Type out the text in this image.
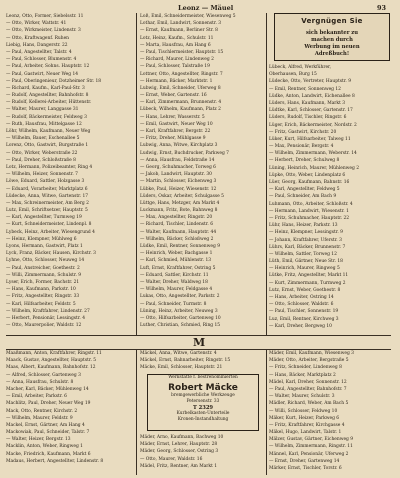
Leonz — Mäuel	93
Leonz, Otto, Former, Siebelsstr. 11
— Otto, Wirker, Wattstr. 41
— Otto, Wirkmeister, Lindenstr. 3
— Otto, Kraftwagenf. Ruhen
Liebig, Hans, Dangerstr. 22
— Paul, Angestellter, Talstr. 4
— Paul, Schlosser, Blumenstr. 4
— Paul, Arbeiter, Sohns. Hauptstr. 12
— Paul, Gastwirt, Neuer Weg 14
— Paul, Oberingenieur, Dotzheimer Str. 18
— Richard, Kaufm., Karl-Paul-Str. 3
— Rudolf, Angestellter, Bahnhofstr. 8
— Rudolf, Kellerei-Arbeiter, Hüttenstr.
— Walter, Maurer, Langgasse 31
— Rudolf, Bäckermeister, Feldweg 3
— Ruth, Hausfrau, Mittelgasse 12
Löhr, Wilhelm, Kaufmann, Neuer Weg
— Wilhelm, Bauer, Eschenallee 5
Lorenz, Otto, Gastwirt, Burgstraße 1
— Otto, Wirker, Weberstraße 22
— Paul, Dreher, Schloßstraße 8
Lotz, Hermann, Polizeibeamter, Ring 4
— Wilhelm, Heizer, Sonnenstr. 7
Löwe, Eduard, Sattler, Holzgasse 3
— Eduard, Vorarbeiter, Marktplatz 6
Lüdecke, Anna, Witwe, Gartenstr. 17
— Max, Schreinermeister, Am Berg 2
Lutz, Emil, Schriftsetzer, Hauptstr. 5
— Karl, Angestellter, Turmweg 19
— Kurt, Schneidermeister, Lindenpl. 8
Lybeck, Heinz, Arbeiter, Wiesengrund 4
— Heinz, Klempner, Mühlweg 6
Lyons, Hermann, Gastwirt, Platz 1
Lyck, Franz, Bäcker, Hausen, Kirchstr. 3
Lyhne, Otto, Schlosser, Neuweg 14
— Paul, Anstreicher, Goethestr. 2
— Willi, Zimmermann, Schulstr. 9
Lyser, Erich, Former, Bachstr. 21
— Hans, Kaufmann, Parkstr. 10
— Fritz, Angestellter, Ringstr. 33
— Karl, Hilfsarbeiter, Feldstr. 5
— Wilhelm, Kraftfahrer, Lindenstr. 27
— Herbert, Pensionär, Lessingstr. 4
— Otto, Maurerpolier, Waldstr. 12
Loß, Emil, Schneidermeister, Wiesenweg 5
Lothar, Emil, Landwirt, Sonnenstr. 3
— Ernst, Kaufmann, Berliner Str. 8
Lotz, Heinz, Kaufm., Schulstr. 11
— Marta, Hausfrau, Am Hang 6
— Paul, Tischlermeister, Hauptstr. 15
— Richard, Maurer, Lindenweg 2
— Paul, Schlosser, Talstraße 19
Lottner, Otto, Angestellter, Ringstr. 7
— Hermann, Bäcker, Marktstr. 1
Lubwig, Emil, Schneider, Uferweg 8
— Ernst, Weber, Gartenstr. 16
— Karl, Zimmermann, Brunnenstr. 4
Lübeck, Wilhelm, Kaufmann, Platz 2
— Hans, Lehrer, Wasserstr. 5
— Emil, Gastwirt, Neuer Weg 10
— Karl, Kraftfahrer, Bergstr. 22
— Fritz, Dreher, Mühlgasse 9
Lubwig, Anna, Witwe, Kirchplatz 3
Ludwig, Ernst, Buchdrucker, Parkweg 7
— Anna, Hausfrau, Feldstraße 14
— Georg, Schuhmacher, Torweg 6
— Jakob, Landwirt, Hauptstr. 30
— Martin, Schlosser, Eichenweg 3
Lübke, Paul, Heizer, Wiesenstr. 12
Lüders, Oskar, Arbeiter, Schulgasse 5
Lüttge, Hans, Metzger, Am Markt 4
Luckmann, Fritz, Bote, Bahnweg 8
— Max, Angestellter, Ringstr. 20
— Richard, Tischler, Lindenstr. 6
— Walter, Kaufmann, Hauptstr. 44
— Wilhelm, Bäcker, Schloßweg 2
Lüdke, Emil, Rentner, Sonnenweg 9
— Heinrich, Weber, Bachgasse 1
— Karl, Schmied, Mühlenstr. 13
Luft, Ernst, Kraftfahrer, Ostring 5
— Eduard, Sattler, Kirchstr. 11
— Walter, Dreher, Waldweg 18
— Wilhelm, Maurer, Feldgasse 4
Lukas, Otto, Angestellter, Parkstr. 2
— Paul, Schneider, Turmstr. 8
Lüning, Heinz, Arbeiter, Neuweg 3
— Otto, Hilfsarbeiter, Gartenweg 10
Luther, Christian, Schmied, Ring 15
Vergnügen Sie
sich bekannter zu
machen durch
Werbung im neuen
Adreßbuch!
Lübeck, Alfred, Werkführer,
Oberhausen, Burg 15
Lüdecke, Otto, Vertreter, Hauptstr. 9
— Emil, Rentner, Sonnenweg 12
Lüdke, Anton, Landwirt, Eichenallee 8
Lüders, Hans, Kaufmann, Markt 3
Lüdtke, Karl, Schlosser, Gartenstr. 17
Lüders, Rudolf, Tischler, Ringstr. 6
Lüger, Erich, Bäckermeister, Nordstr. 2
— Fritz, Gastwirt, Kirchstr. 20
Lüker, Kurt, Hilfsarbeiter, Talweg 11
— Max, Pensionär, Bergstr. 4
— Wilhelm, Zimmermann, Weberstr. 14
— Herbert, Dreher, Schulweg 8
Lüning, Heinrich, Maurer, Mühlenweg 2
Lüpke, Otto, Weber, Lindenplatz 6
Lüer, Georg, Kaufmann, Bahnstr. 16
— Karl, Angestellter, Feldweg 5
— Paul, Schneider, Am Bach 9
Luhmann, Otto, Arbeiter, Schloßstr. 4
— Hermann, Landwirt, Wiesenstr. 1
— Fritz, Schuhmacher, Hauptstr. 22
Lühr, Hans, Heizer, Parkstr. 13
— Heinz, Klempner, Lessingstr. 9
— Johann, Kraftfahrer, Uferstr. 3
Lührs, Karl, Bäcker, Brunnenstr. 7
— Wilhelm, Sattler, Torweg 12
Lüth, Emil, Gärtner, Neue Str. 18
— Heinrich, Maurer, Ringweg 5
Lütke, Fritz, Angestellter, Markt 11
— Kurt, Zimmermann, Turmweg 2
Lutz, Ernst, Weber, Goethestr. 8
— Hans, Arbeiter, Ostring 14
— Otto, Schlosser, Waldstr. 6
— Paul, Tischler, Sonnenstr. 19
Luz, Emil, Rentner, Kirchweg 3
— Karl, Dreher, Bergweg 10
M
Maaßmann, Anton, Kraftfahrer, Ringstr. 11
Maack, Gustav, Angestellter, Hauptstr. 5
Maas, Albert, Kaufmann, Bahnhofstr. 12
— Alfred, Schlosser, Gartenweg 3
— Anna, Hausfrau, Schulstr. 8
Macher, Karl, Bäcker, Mühlenweg 14
— Emil, Arbeiter, Parkstr. 6
Machlitz, Paul, Dreher, Neuer Weg 19
Mack, Otto, Rentner, Kirchstr. 2
— Wilhelm, Maurer, Feldstr. 9
Mackel, Ernst, Gärtner, Am Hang 4
Mackowiak, Paul, Schneider, Talstr. 7
— Walter, Heizer, Bergstr. 13
Macklin, Anton, Weber, Ringweg 1
Macke, Friedrich, Kaufmann, Markt 6
Madaus, Herbert, Angestellter, Lindenstr. 8
Mäckel, Anna, Witwe, Gartenstr. 4
Mäckel, Ernst, Bahnarbeiter, Ringstr. 15
Mäcke, Emil, Schlosser, Hauptstr. 21
Werkstätte f. bestrenommierten
Robert Mäcke
bremgewerbliche Werkzeuge
Petersenstr. 33
T 2329
Kurbelkasten-Unterteile
Kronen-Instandhaltung
Mäder, Arno, Kaufmann, Bachweg 10
Mäder, Ernst, Lehrer, Hauptstr. 28
Mäder, Georg, Schlosser, Ostring 3
— Otto, Maurer, Waldstr. 16
Mädel, Fritz, Rentner, Am Markt 1
Mäder, Emil, Kaufmann, Wiesenweg 3
Mäder, Otto, Arbeiter, Bergstraße 5
— Fritz, Schneider, Lindenweg 8
— Hans, Bäcker, Marktplatz 2
Mädel, Karl, Dreher, Sonnenstr. 12
— Paul, Angestellter, Bahnhofstr. 7
— Walter, Maurer, Schulstr. 3
Mädler, Richard, Weber, Am Bach 5
— Willi, Schlosser, Feldweg 10
Mäker, Kurt, Heizer, Parkweg 6
— Fritz, Kraftfahrer, Kirchgasse 4
Mäkel, Hugo, Landwirt, Talstr. 1
Mälzer, Gustav, Gärtner, Eichenweg 9
— Wilhelm, Zimmermann, Ringstr. 11
Männel, Karl, Pensionär, Uferweg 2
— Ernst, Dreher, Gartenweg 14
Märker, Ernst, Tischler, Torstr. 6
